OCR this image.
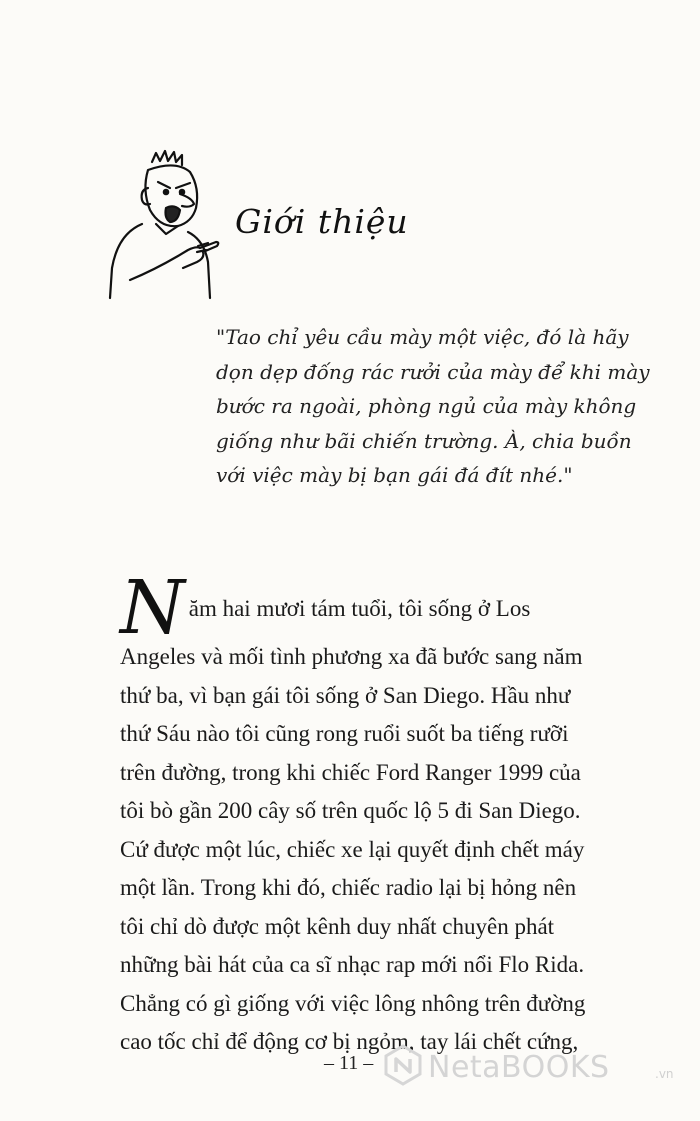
Giới thiệu

"Tao chỉ yêu cầu mày một việc, đó là hãy
dọn dẹp đống rác rưởi của mày để khi mày
bước ra ngoài, phòng ngủ của mày không
giống như bãi chiến trường. À, chia buồn
với việc mày bị bạn gái đá đít nhé."

N ăm hai mươi tám tuổi, tôi sống ở Los
Angeles và mối tình phương xa đã bước sang năm
thứ ba, vì bạn gái tôi sống ở San Diego. Hầu như
thứ Sáu nào tôi cũng rong ruổi suốt ba tiếng rưỡi
trên đường, trong khi chiếc Ford Ranger 1999 của
tôi bò gần 200 cây số trên quốc lộ 5 đi San Diego.
Cứ được một lúc, chiếc xe lại quyết định chết máy
một lần. Trong khi đó, chiếc radio lại bị hỏng nên
tôi chỉ dò được một kênh duy nhất chuyên phát
những bài hát của ca sĩ nhạc rap mới nổi Flo Rida.
Chẳng có gì giống với việc lông nhông trên đường
cao tốc chỉ để động cơ bị ngỏm, tay lái chết cứng,
– 11 – NetaBOOKS	.vn
